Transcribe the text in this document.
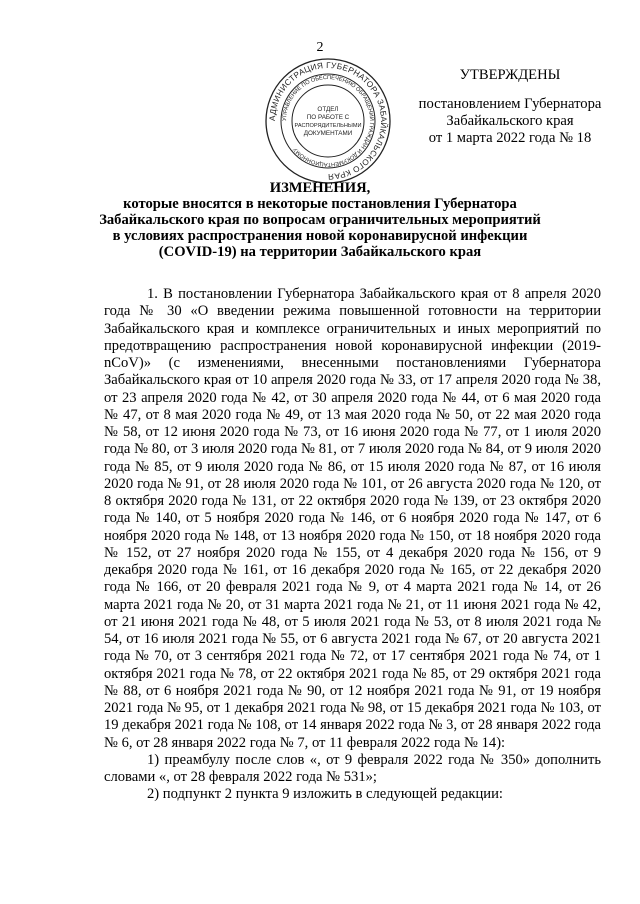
2
АДМИНИСТРАЦИЯ ГУБЕРНАТОРА ЗАБАЙКАЛЬСКОГО КРАЯ
УПРАВЛЕНИЕ ПО ОБЕСПЕЧЕНИЮ ОБРАЩЕНИЙ ГРАЖДАН И ДОКУМЕНТАЦИОННОМУ
ОТДЕЛ
ПО РАБОТЕ С
РАСПОРЯДИТЕЛЬНЫМИ
ДОКУМЕНТАМИ
УТВЕРЖДЕНЫ
постановлением Губернатора
Забайкальского края
от 1 марта 2022 года № 18
ИЗМЕНЕНИЯ,
которые вносятся в некоторые постановления Губернатора
Забайкальского края по вопросам ограничительных мероприятий
в условиях распространения новой коронавирусной инфекции
(COVID-19) на территории Забайкальского края

1. В постановлении Губернатора Забайкальского края от 8 апреля 2020 года № 30 «О введении режима повышенной готовности на территории Забайкальского края и комплексе ограничительных и иных мероприятий по предотвращению распространения новой коронавирусной инфекции (2019-nCoV)» (с изменениями, внесенными постановлениями Губернатора Забайкальского края от 10 апреля 2020 года № 33, от 17 апреля 2020 года № 38, от 23 апреля 2020 года № 42, от 30 апреля 2020 года № 44, от 6 мая 2020 года № 47, от 8 мая 2020 года № 49, от 13 мая 2020 года № 50, от 22 мая 2020 года № 58, от 12 июня 2020 года № 73, от 16 июня 2020 года № 77, от 1 июля 2020 года № 80, от 3 июля 2020 года № 81, от 7 июля 2020 года № 84, от 9 июля 2020 года № 85, от 9 июля 2020 года № 86, от 15 июля 2020 года № 87, от 16 июля 2020 года № 91, от 28 июля 2020 года № 101, от 26 августа 2020 года № 120, от 8 октября 2020 года № 131, от 22 октября 2020 года № 139, от 23 октября 2020 года № 140, от 5 ноября 2020 года № 146, от 6 ноября 2020 года № 147, от 6 ноября 2020 года № 148, от 13 ноября 2020 года № 150, от 18 ноября 2020 года № 152, от 27 ноября 2020 года № 155, от 4 декабря 2020 года № 156, от 9 декабря 2020 года № 161, от 16 декабря 2020 года № 165, от 22 декабря 2020 года № 166, от 20 февраля 2021 года № 9, от 4 марта 2021 года № 14, от 26 марта 2021 года № 20, от 31 марта 2021 года № 21, от 11 июня 2021 года № 42, от 21 июня 2021 года № 48, от 5 июля 2021 года № 53, от 8 июля 2021 года № 54, от 16 июля 2021 года № 55, от 6 августа 2021 года № 67, от 20 августа 2021 года № 70, от 3 сентября 2021 года № 72, от 17 сентября 2021 года № 74, от 1 октября 2021 года № 78, от 22 октября 2021 года № 85, от 29 октября 2021 года № 88, от 6 ноября 2021 года № 90, от 12 ноября 2021 года № 91, от 19 ноября 2021 года № 95, от 1 декабря 2021 года № 98, от 15 декабря 2021 года № 103, от 19 декабря 2021 года № 108, от 14 января 2022 года № 3, от 28 января 2022 года № 6, от 28 января 2022 года № 7, от 11 февраля 2022 года № 14):

1) преамбулу после слов «, от 9 февраля 2022 года № 350» дополнить словами «, от 28 февраля 2022 года № 531»;

2) подпункт 2 пункта 9 изложить в следующей редакции:
